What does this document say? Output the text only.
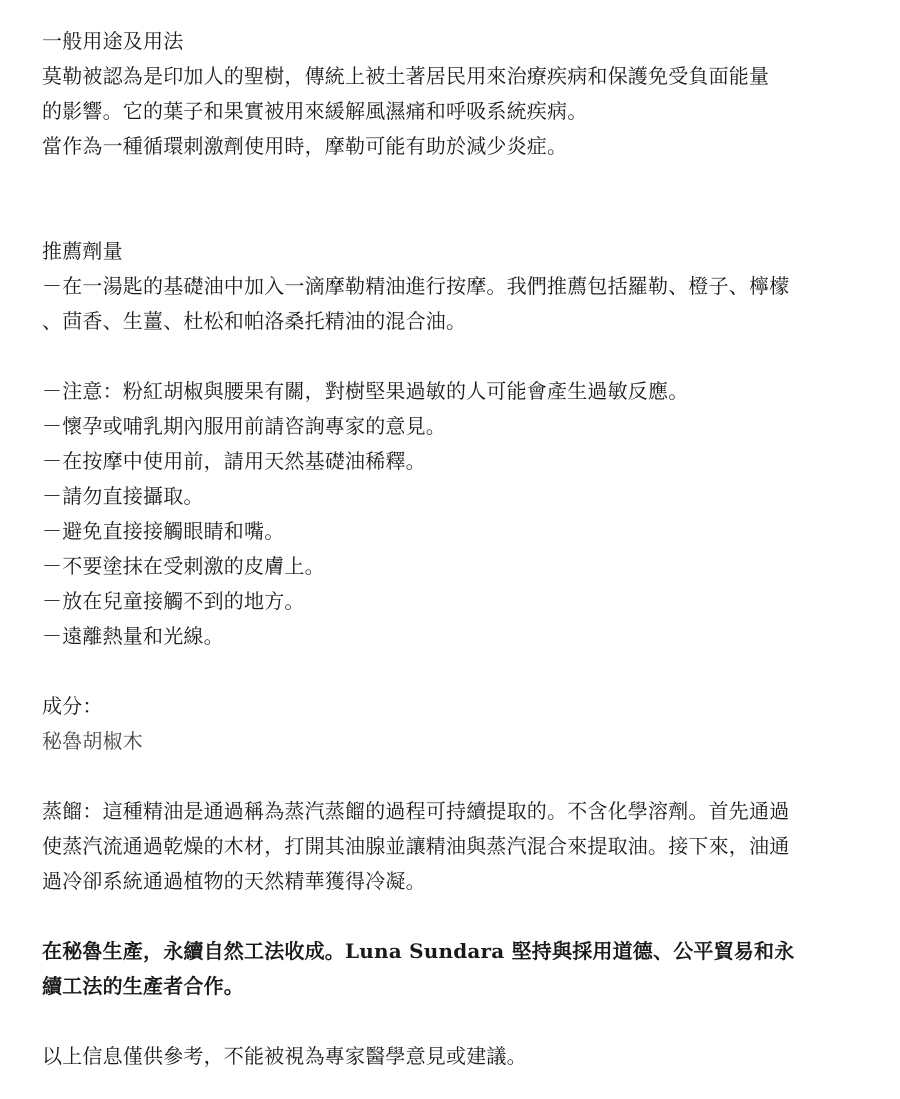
一般用途及用法
莫勒被認為是印加人的聖樹，傳統上被土著居民用來治療疾病和保護免受負面能量
的影響。它的葉子和果實被用來緩解風濕痛和呼吸系統疾病。
當作為一種循環刺激劑使用時，摩勒可能有助於減少炎症。
推薦劑量
－在一湯匙的基礎油中加入一滴摩勒精油進行按摩。我們推薦包括羅勒、橙子、檸檬
、茴香、生薑、杜松和帕洛桑托精油的混合油。
－注意：粉紅胡椒與腰果有關，對樹堅果過敏的人可能會產生過敏反應。
－懷孕或哺乳期內服用前請咨詢專家的意見。
－在按摩中使用前，請用天然基礎油稀釋。
－請勿直接攝取。
－避免直接接觸眼睛和嘴。
－不要塗抹在受刺激的皮膚上。
－放在兒童接觸不到的地方。
－遠離熱量和光線。
成分：
秘魯胡椒木
蒸餾：這種精油是通過稱為蒸汽蒸餾的過程可持續提取的。不含化學溶劑。首先通過
使蒸汽流通過乾燥的木材，打開其油腺並讓精油與蒸汽混合來提取油。接下來，油通
過冷卻系統通過植物的天然精華獲得冷凝。
在秘魯生產，永續自然工法收成。Luna Sundara 堅持與採用道德、公平貿易和永
續工法的生產者合作。
以上信息僅供參考，不能被視為專家醫學意見或建議。
